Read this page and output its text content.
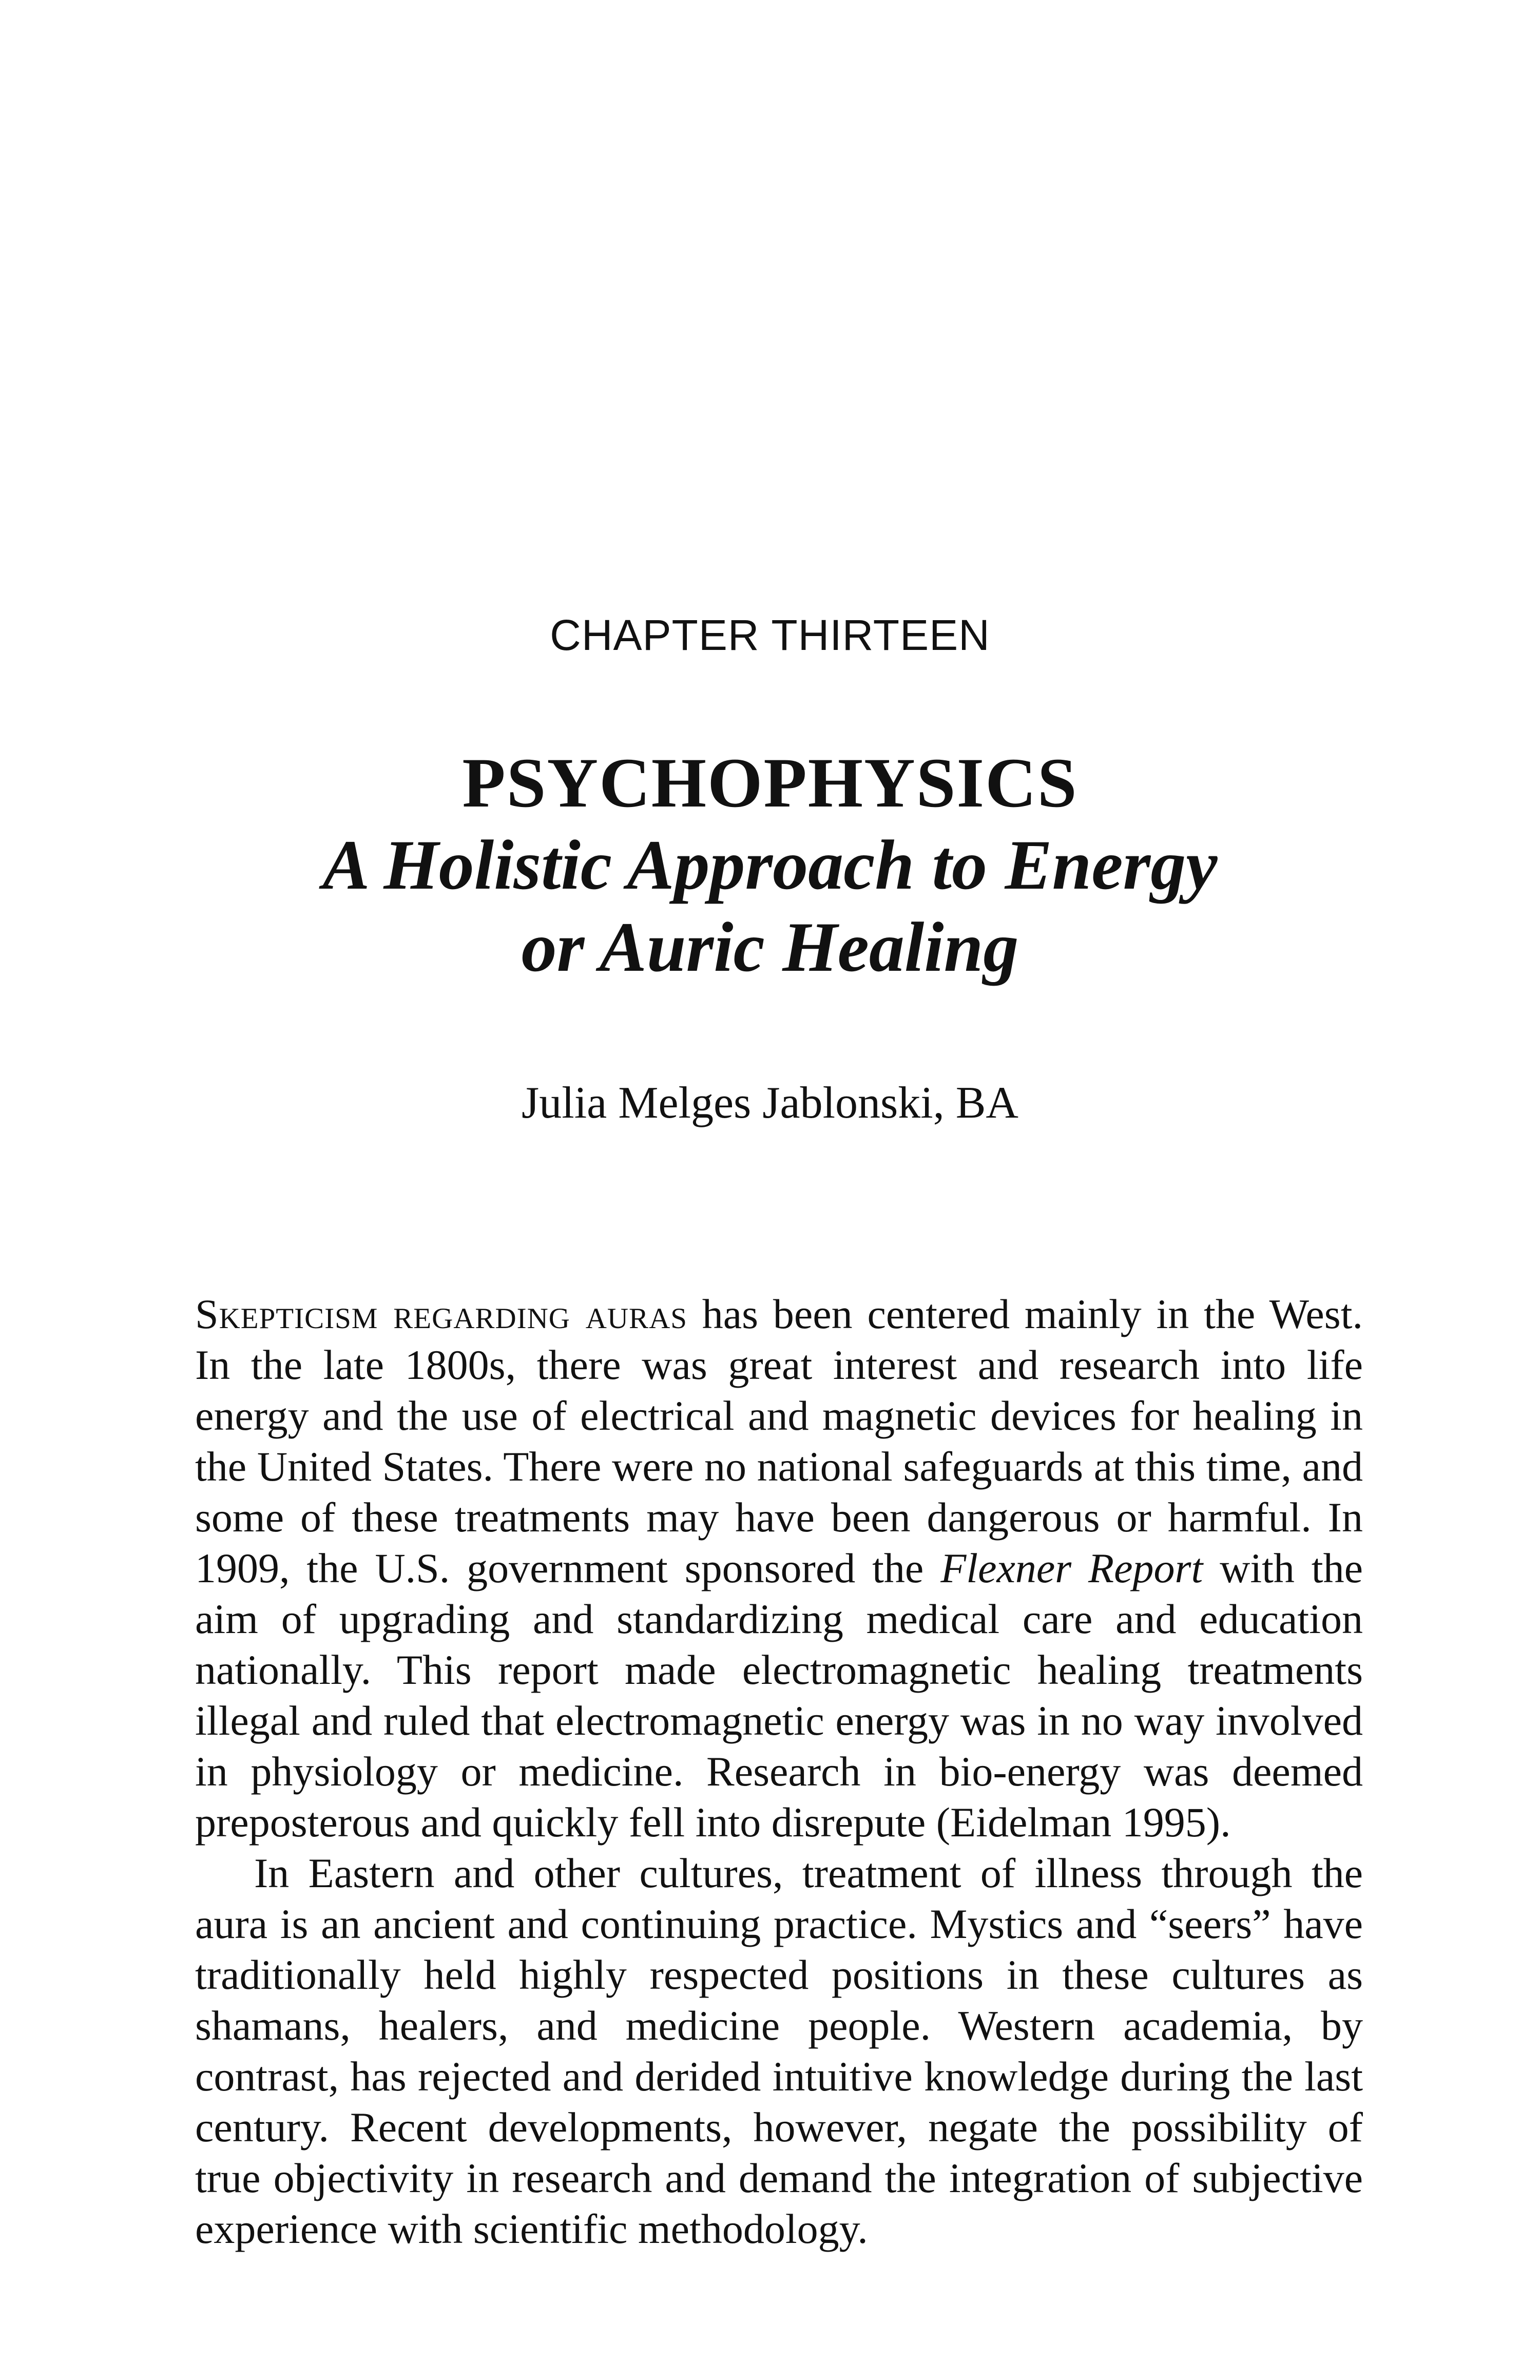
CHAPTER THIRTEEN
PSYCHOPHYSICS
A Holistic Approach to Energy
or Auric Healing
Julia Melges Jablonski, BA

Skepticism regarding auras has been centered mainly in the West. In the late 1800s, there was great interest and research into life energy and the use of electrical and magnetic devices for healing in the United States. There were no national safeguards at this time, and some of these treatments may have been dangerous or harmful. In 1909, the U.S. government sponsored the Flexner Report with the aim of upgrading and standardizing medical care and education nationally. This report made electromagnetic healing treatments illegal and ruled that electromagnetic energy was in no way involved in physiology or medicine. Research in bio-energy was deemed preposterous and quickly fell into disrepute (Eidelman 1995).

In Eastern and other cultures, treatment of illness through the aura is an ancient and continuing practice. Mystics and “seers” have traditionally held highly respected positions in these cultures as shamans, healers, and medicine people. Western academia, by contrast, has rejected and derided intuitive knowledge during the last century. Recent developments, however, negate the possibility of true objectivity in research and demand the integration of subjective experience with scientific methodology.
